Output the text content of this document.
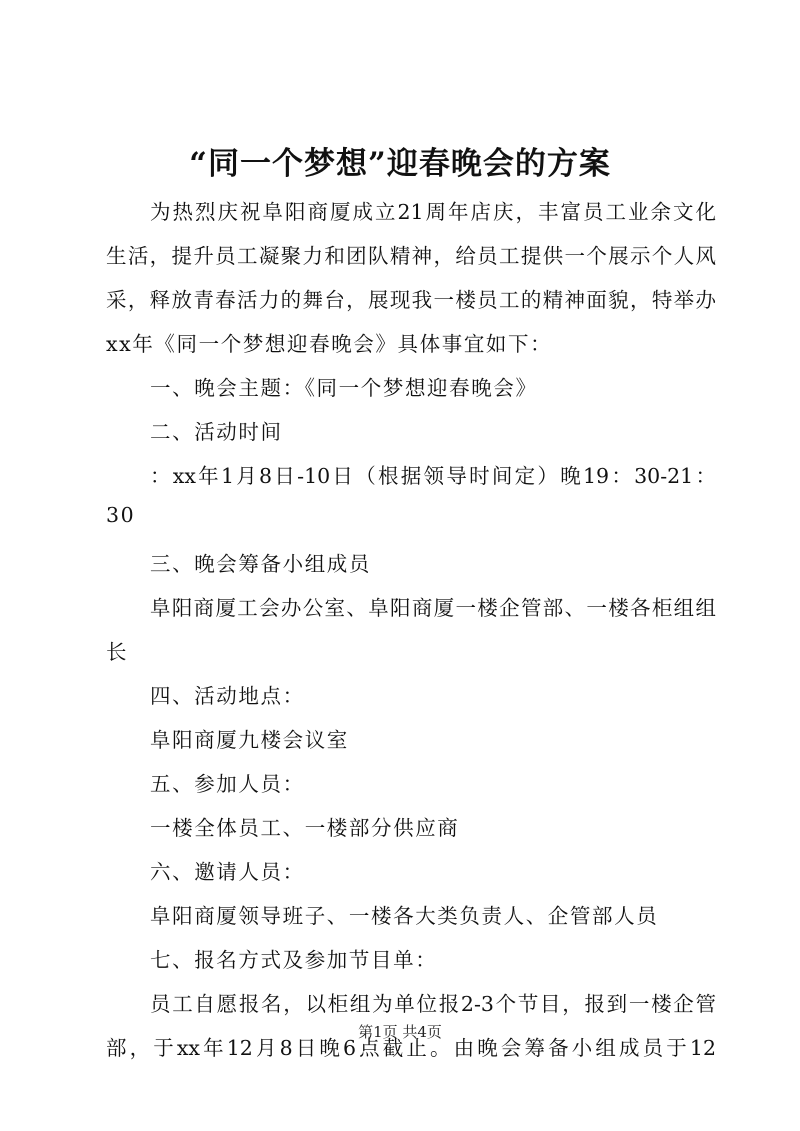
“同一个梦想”迎春晚会的方案
为热烈庆祝阜阳商厦成立21周年店庆，丰富员工业余文化
生活，提升员工凝聚力和团队精神，给员工提供一个展示个人风
采，释放青春活力的舞台，展现我一楼员工的精神面貌，特举办
xx年《同一个梦想迎春晚会》具体事宜如下：
一、晚会主题：《同一个梦想迎春晚会》
二、活动时间
：xx年1月8日-10日（根据领导时间定）晚19：30-21：
30
三、晚会筹备小组成员
阜阳商厦工会办公室、阜阳商厦一楼企管部、一楼各柜组组
长
四、活动地点：
阜阳商厦九楼会议室
五、参加人员：
一楼全体员工、一楼部分供应商
六、邀请人员：
阜阳商厦领导班子、一楼各大类负责人、企管部人员
七、报名方式及参加节目单：
员工自愿报名，以柜组为单位报2-3个节目，报到一楼企管
部，于xx年12月8日晚6点截止。由晚会筹备小组成员于12
第1页 共4页
